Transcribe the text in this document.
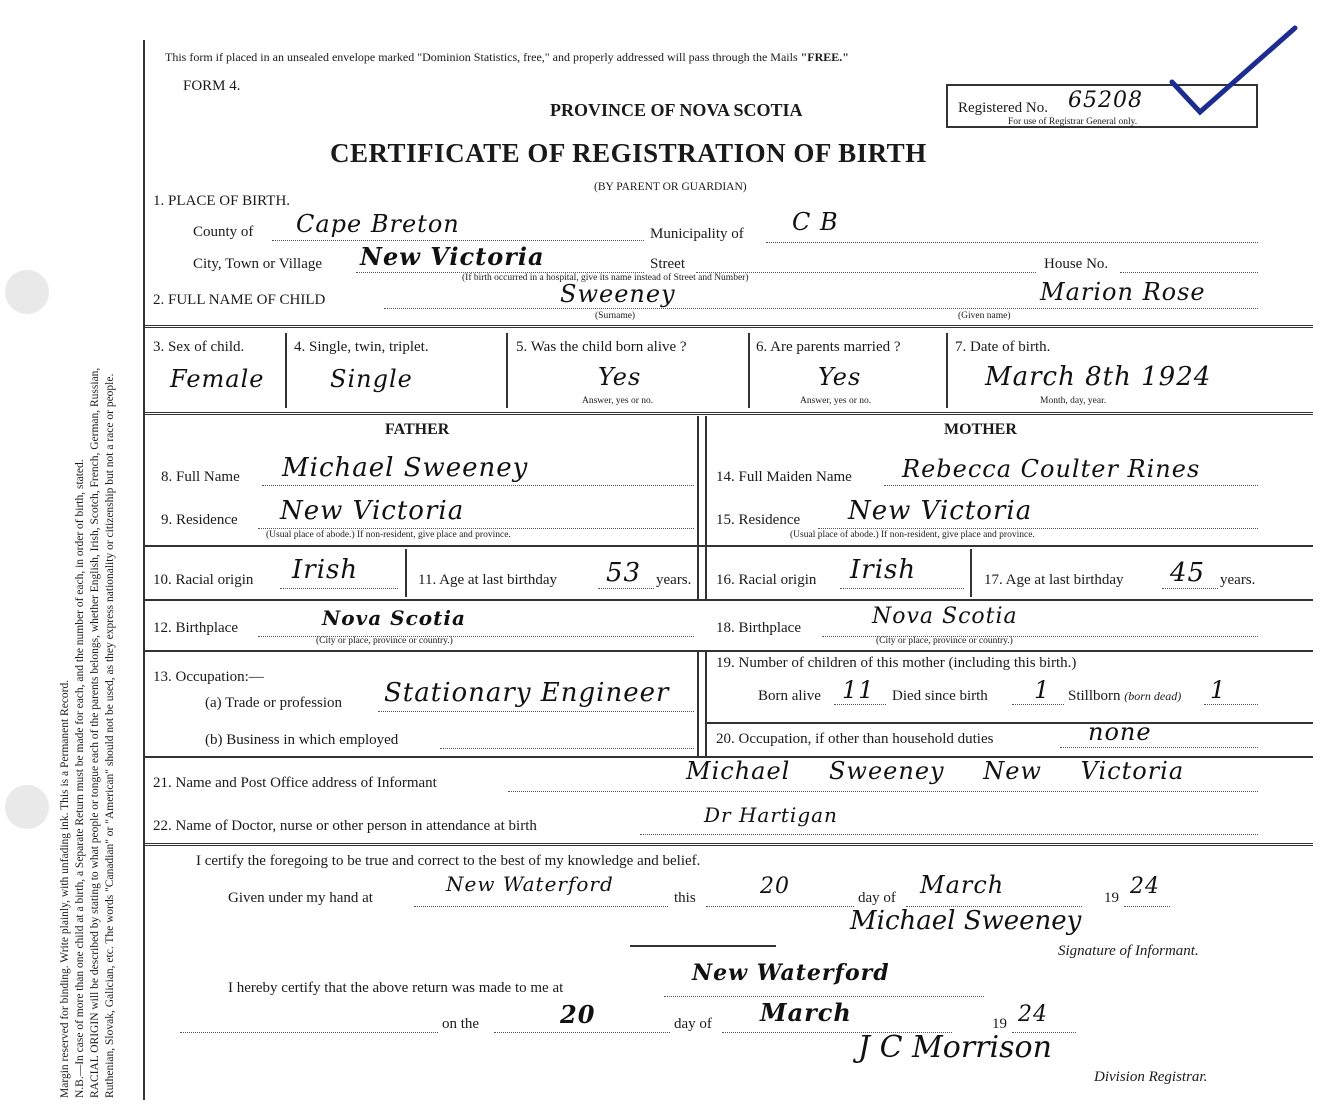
Margin reserved for binding. Write plainly, with unfading ink. This is a Permanent Record. N.B.—In case of more than one child at a birth, a Separate Return must be made for each, and the number of each, in order of birth, stated. RACIAL ORIGIN will be described by stating to what people or tongue each of the parents belongs, whether English, Irish, Scotch, French, German, Russian, Ruthenian, Slovak, Galician, etc. The words "Canadian" or "American" should not be used, as they express nationality or citizenship but not a race or people.
This form if placed in an unsealed envelope marked "Dominion Statistics, free," and properly addressed will pass through the Mails "FREE."
FORM 4.
PROVINCE OF NOVA SCOTIA
CERTIFICATE OF REGISTRATION OF BIRTH
(BY PARENT OR GUARDIAN)
Registered No. 65208
For use of Registrar General only.
1. PLACE OF BIRTH.
County of Cape Breton	Municipality of C B
City, Town or Village New Victoria	Street	House No.
(If birth occurred in a hospital, give its name instead of Street and Number)
2. FULL NAME OF CHILD	Sweeney
(Surname)
Marion Rose
(Given name)
3. Sex of child.
Female
4. Single, twin, triplet.
Single
5. Was the child born alive ?
Yes
Answer, yes or no.
6. Are parents married ?
Yes
Answer, yes or no.
7. Date of birth.
March 8th 1924
Month, day, year.
FATHER	MOTHER
8. Full Name Michael Sweeney	14. Full Maiden Name Rebecca Coulter Rines
9. Residence New Victoria
(Usual place of abode.) If non-resident, give place and province.
15. Residence New Victoria
(Usual place of abode.) If non-resident, give place and province.
10. Racial origin Irish	11. Age at last birthday 53 years. 16. Racial origin Irish	17. Age at last birthday 45 years.
12. Birthplace	Nova Scotia
(City or place, province or country.)
18. Birthplace	Nova Scotia
(City or place, province or country.)
13. Occupation:—
(a) Trade or profession Stationary Engineer
(b) Business in which employed
19. Number of children of this mother (including this birth.)
Born alive 11 Died since birth 1 Stillborn (born dead) 1
20. Occupation, if other than household duties	none
21. Name and Post Office address of Informant	Michael Sweeney New Victoria
22. Name of Doctor, nurse or other person in attendance at birth	Dr Hartigan
I certify the foregoing to be true and correct to the best of my knowledge and belief.
Given under my hand at
New Waterford
this	20	day of March	19 24
Michael Sweeney
Signature of Informant.
I hereby certify that the above return was made to me at
New Waterford
on the	20	day of March	19 24
J C Morrison
Division Registrar.
